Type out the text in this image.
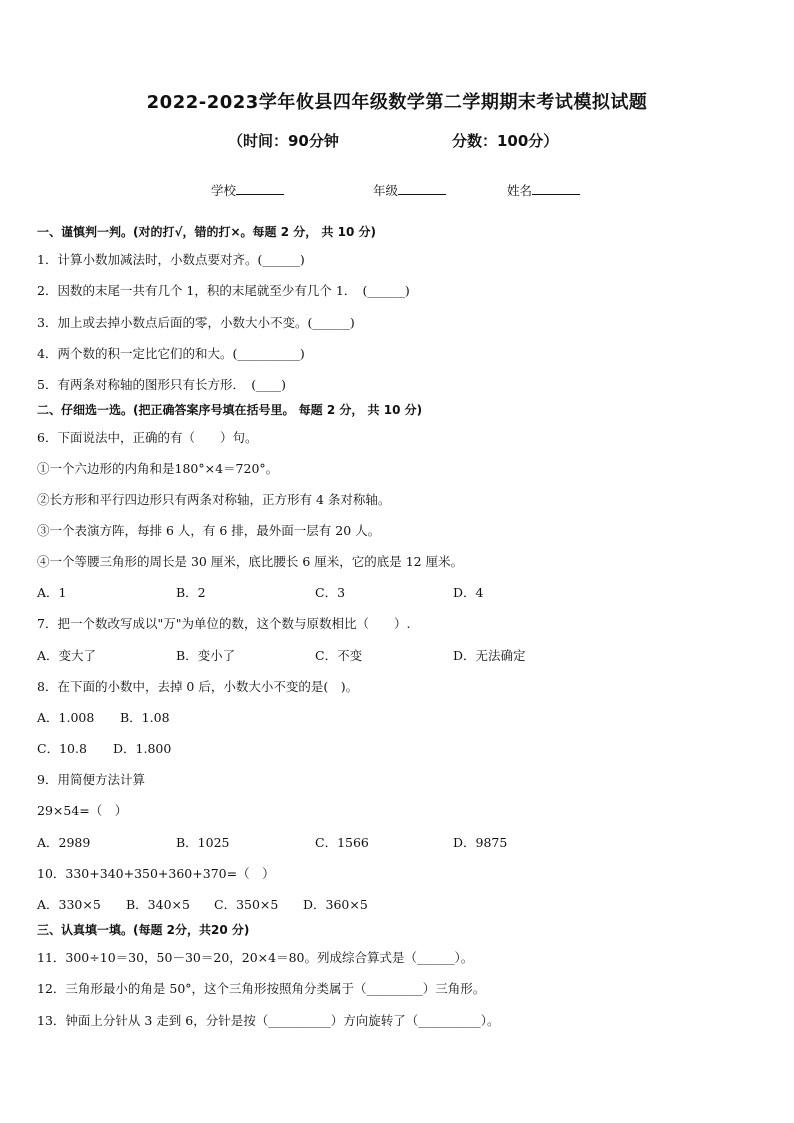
2022-2023学年攸县四年级数学第二学期期末考试模拟试题
（时间：90分钟	分数：100分）
学校	年级	姓名
一、谨慎判一判。(对的打√，错的打×。每题 2 分， 共 10 分)
1．计算小数加减法时，小数点要对齐。(______)
2．因数的末尾一共有几个 1，积的末尾就至少有几个 1．　(______)
3．加上或去掉小数点后面的零，小数大小不变。(______)
4．两个数的积一定比它们的和大。(__________)
5．有两条对称轴的图形只有长方形．　(____)
二、仔细选一选。(把正确答案序号填在括号里。 每题 2 分， 共 10 分)
6．下面说法中，正确的有（　　）句。
①一个六边形的内角和是180°×4＝720°。
②长方形和平行四边形只有两条对称轴，正方形有 4 条对称轴。
③一个表演方阵，每排 6 人，有 6 排，最外面一层有 20 人。
④一个等腰三角形的周长是 30 厘米，底比腰长 6 厘米，它的底是 12 厘米。
A．1	B．2	C．3	D．4
7．把一个数改写成以"万"为单位的数，这个数与原数相比（　　）.
A．变大了	B．变小了	C．不变	D．无法确定
8．在下面的小数中，去掉 0 后，小数大小不变的是(　)。
A．1.008 B．1.08
C．10.8 D．1.800
9．用简便方法计算
29×54=（　）
A．2989	B．1025	C．1566	D．9875
10．330+340+350+360+370=（　）
A．330×5 B．340×5 C．350×5 D．360×5
三、认真填一填。(每题 2分，共20 分)
11．300÷10＝30，50－30＝20，20×4＝80。列成综合算式是（______）。
12．三角形最小的角是 50°，这个三角形按照角分类属于（_________）三角形。
13．钟面上分针从 3 走到 6，分针是按（__________）方向旋转了（__________）。
